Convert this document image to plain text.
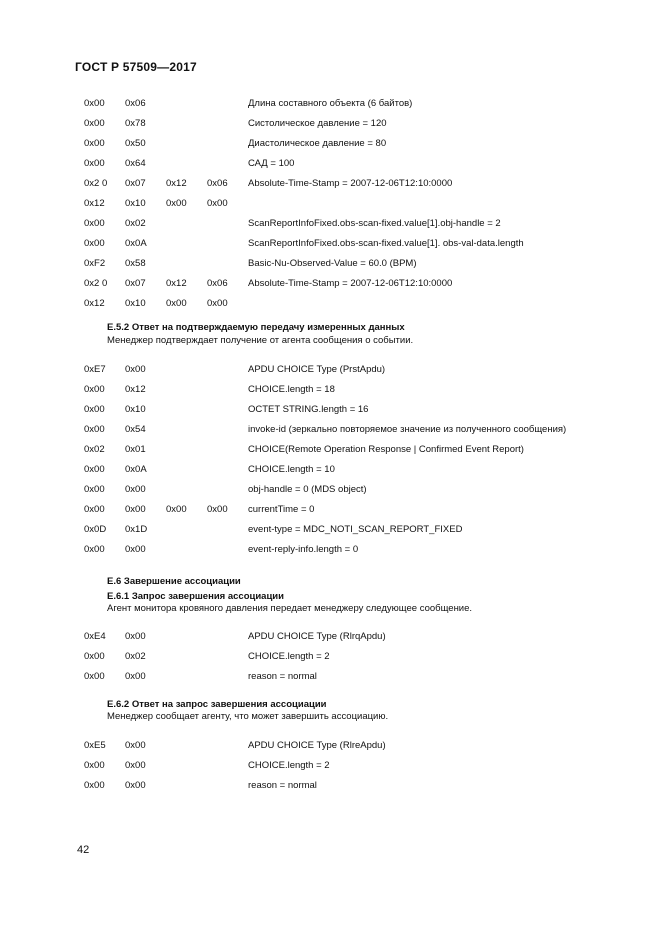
ГОСТ Р 57509—2017
0x00 0x06	Длина составного объекта (6 байтов)
0x00 0x78	Систолическое давление = 120
0x00 0x50	Диастолическое давление = 80
0x00 0x64	САД = 100
0x2 0 0x07 0x12 0x06 Absolute-Time-Stamp = 2007-12-06T12:10:0000
0x12 0x10 0x00 0x00
0x00 0x02	ScanReportInfoFixed.obs-scan-fixed.value[1].obj-handle = 2
0x00 0x0A	ScanReportInfoFixed.obs-scan-fixed.value[1]. obs-val-data.length
0xF2 0x58	Basic-Nu-Observed-Value = 60.0 (BPM)
0x2 0 0x07 0x12 0x06 Absolute-Time-Stamp = 2007-12-06T12:10:0000
0x12 0x10 0x00 0x00
Е.5.2 Ответ на подтверждаемую передачу измеренных данных
Менеджер подтверждает получение от агента сообщения о событии.
0xE7 0x00	APDU CHOICE Type (PrstApdu)
0x00 0x12	CHOICE.length = 18
0x00 0x10	OCTET STRING.length = 16
0x00 0x54	invoke-id (зеркально повторяемое значение из полученного сообщения)
0x02 0x01	CHOICE(Remote Operation Response | Confirmed Event Report)
0x00 0x0A	CHOICE.length = 10
0x00 0x00	obj-handle = 0 (MDS object)
0x00 0x00 0x00 0x00 currentTime = 0
0x0D 0x1D	event-type = MDC_NOTI_SCAN_REPORT_FIXED
0x00 0x00	event-reply-info.length = 0
Е.6 Завершение ассоциации
Е.6.1 Запрос завершения ассоциации
Агент монитора кровяного давления передает менеджеру следующее сообщение.
0xE4 0x00	APDU CHOICE Type (RlrqApdu)
0x00 0x02	CHOICE.length = 2
0x00 0x00	reason = normal
Е.6.2 Ответ на запрос завершения ассоциации
Менеджер сообщает агенту, что может завершить ассоциацию.
0xE5 0x00	APDU CHOICE Type (RlreApdu)
0x00 0x00	CHOICE.length = 2
0x00 0x00	reason = normal
42
